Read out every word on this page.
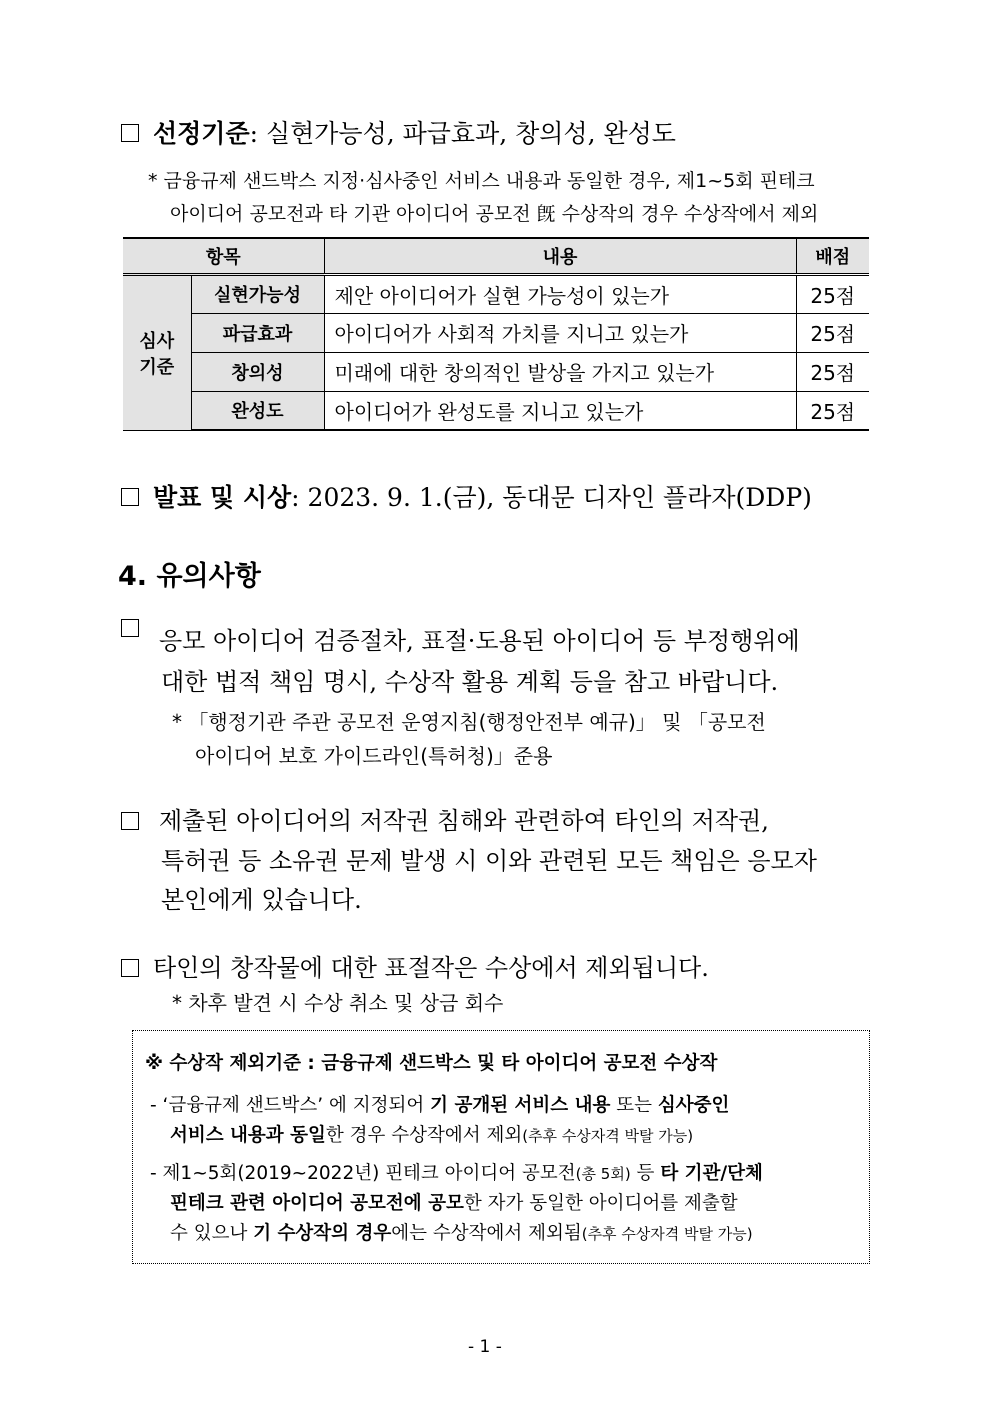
선정기준: 실현가능성, 파급효과, 창의성, 완성도
* 금융규제 샌드박스 지정·심사중인 서비스 내용과 동일한 경우, 제1~5회 핀테크
아이디어 공모전과 타 기관 아이디어 공모전 旣 수상작의 경우 수상작에서 제외
항목		내용	배점

심사
기준	실현가능성	제안 아이디어가 실현 가능성이 있는가	25점
	파급효과	아이디어가 사회적 가치를 지니고 있는가	25점
	창의성	미래에 대한 창의적인 발상을 가지고 있는가	25점
	완성도	아이디어가 완성도를 지니고 있는가	25점
발표 및 시상: 2023. 9. 1.(금), 동대문 디자인 플라자(DDP)
4. 유의사항
응모 아이디어 검증절차, 표절·도용된 아이디어 등 부정행위에
대한 법적 책임 명시, 수상작 활용 계획 등을 참고 바랍니다.
* 「행정기관 주관 공모전 운영지침(행정안전부 예규)」 및 「공모전
아이디어 보호 가이드라인(특허청)」준용
제출된 아이디어의 저작권 침해와 관련하여 타인의 저작권,
특허권 등 소유권 문제 발생 시 이와 관련된 모든 책임은 응모자
본인에게 있습니다.
타인의 창작물에 대한 표절작은 수상에서 제외됩니다.
* 차후 발견 시 수상 취소 및 상금 회수
※ 수상작 제외기준 : 금융규제 샌드박스 및 타 아이디어 공모전 수상작
- ‘금융규제 샌드박스’ 에 지정되어 기 공개된 서비스 내용 또는 심사중인
서비스 내용과 동일한 경우 수상작에서 제외(추후 수상자격 박탈 가능)
- 제1~5회(2019~2022년) 핀테크 아이디어 공모전(총 5회) 등 타 기관/단체
핀테크 관련 아이디어 공모전에 공모한 자가 동일한 아이디어를 제출할
수 있으나 기 수상작의 경우에는 수상작에서 제외됨(추후 수상자격 박탈 가능)
- 1 -
